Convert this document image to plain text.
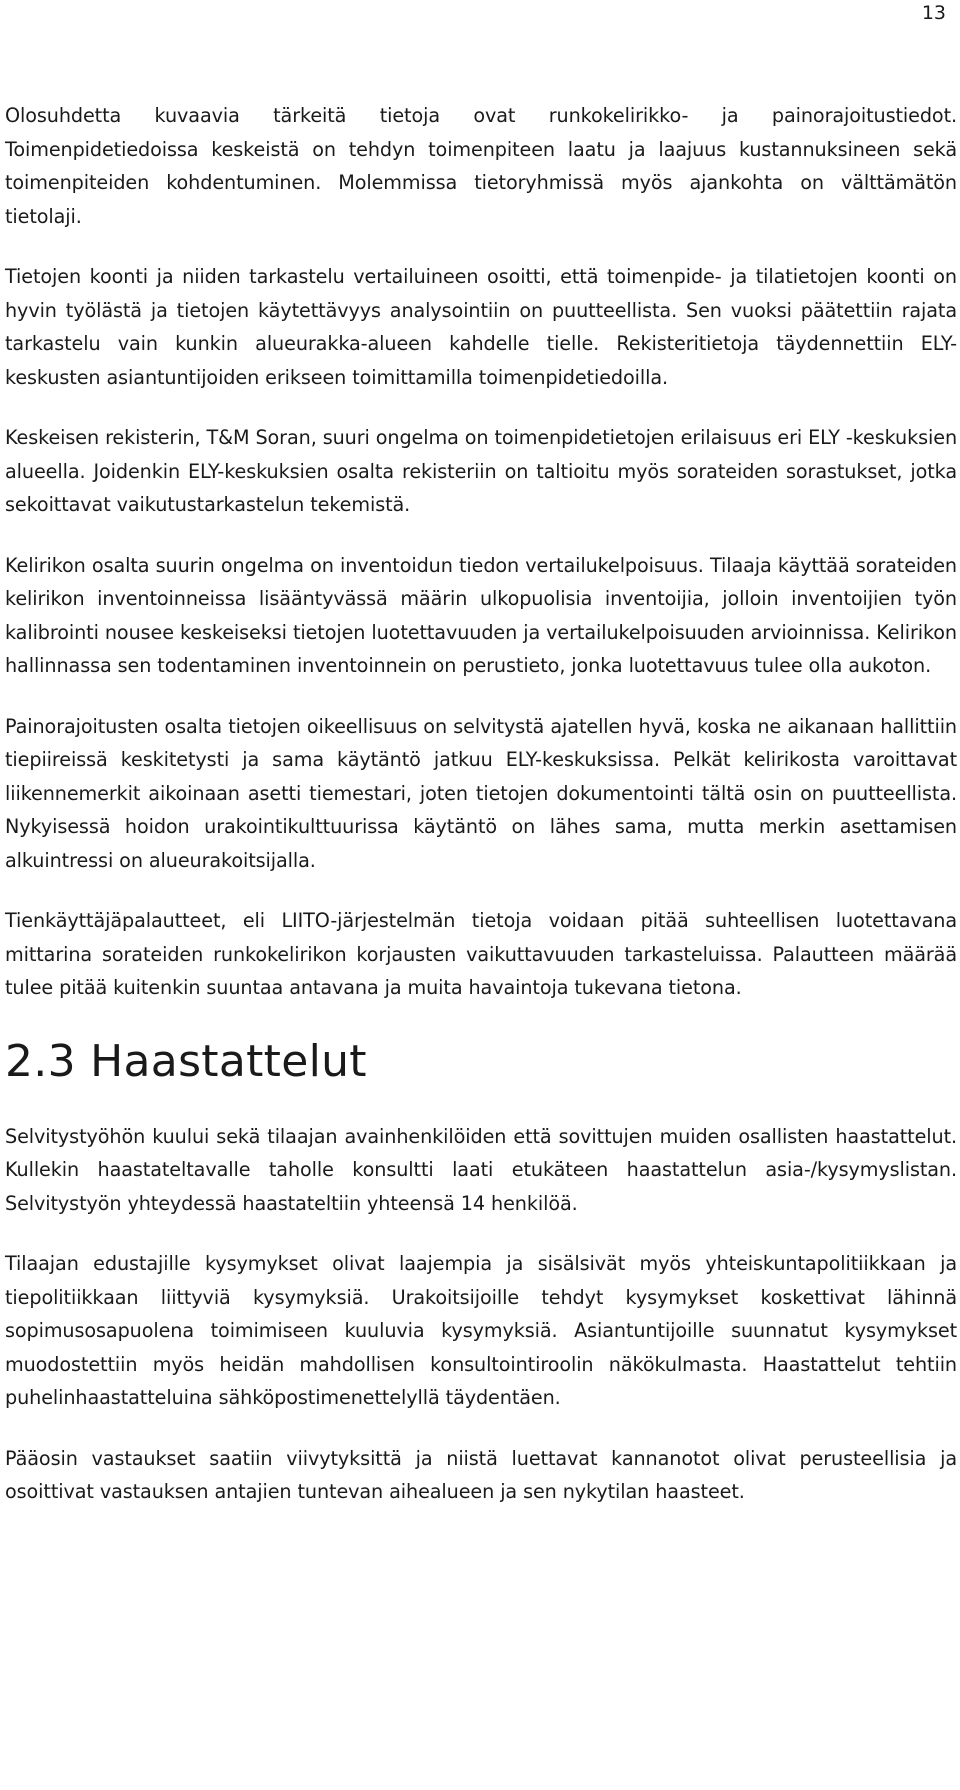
13

Olosuhdetta kuvaavia tärkeitä tietoja ovat runkokelirikko- ja painorajoitustiedot. Toimenpidetiedoissa keskeistä on tehdyn toimenpiteen laatu ja laajuus kustannuksineen sekä toimenpiteiden kohdentuminen. Molemmissa tietoryhmissä myös ajankohta on välttämätön tietolaji.

Tietojen koonti ja niiden tarkastelu vertailuineen osoitti, että toimenpide- ja tilatietojen koonti on hyvin työlästä ja tietojen käytettävyys analysointiin on puutteellista. Sen vuoksi päätettiin rajata tarkastelu vain kunkin alueurakka-alueen kahdelle tielle. Rekisteritietoja täydennettiin ELY-keskusten asiantuntijoiden erikseen toimittamilla toimenpidetiedoilla.

Keskeisen rekisterin, T&M Soran, suuri ongelma on toimenpidetietojen erilaisuus eri ELY -keskuksien alueella. Joidenkin ELY-keskuksien osalta rekisteriin on taltioitu myös sorateiden sorastukset, jotka sekoittavat vaikutustarkastelun tekemistä.

Kelirikon osalta suurin ongelma on inventoidun tiedon vertailukelpoisuus. Tilaaja käyttää sorateiden kelirikon inventoinneissa lisääntyvässä määrin ulkopuolisia inventoijia, jolloin inventoijien työn kalibrointi nousee keskeiseksi tietojen luotettavuuden ja vertailukelpoisuuden arvioinnissa. Kelirikon hallinnassa sen todentaminen inventoinnein on perustieto, jonka luotettavuus tulee olla aukoton.

Painorajoitusten osalta tietojen oikeellisuus on selvitystä ajatellen hyvä, koska ne aikanaan hallittiin tiepiireissä keskitetysti ja sama käytäntö jatkuu ELY-keskuksissa. Pelkät kelirikosta varoittavat liikennemerkit aikoinaan asetti tiemestari, joten tietojen dokumentointi tältä osin on puutteellista. Nykyisessä hoidon urakointikulttuurissa käytäntö on lähes sama, mutta merkin asettamisen alkuintressi on alueurakoitsijalla.

Tienkäyttäjäpalautteet, eli LIITO-järjestelmän tietoja voidaan pitää suhteellisen luotettavana mittarina sorateiden runkokelirikon korjausten vaikuttavuuden tarkasteluissa. Palautteen määrää tulee pitää kuitenkin suuntaa antavana ja muita havaintoja tukevana tietona.

2.3 Haastattelut

Selvitystyöhön kuului sekä tilaajan avainhenkilöiden että sovittujen muiden osallisten haastattelut. Kullekin haastateltavalle taholle konsultti laati etukäteen haastattelun asia-/kysymyslistan. Selvitystyön yhteydessä haastateltiin yhteensä 14 henkilöä.

Tilaajan edustajille kysymykset olivat laajempia ja sisälsivät myös yhteiskuntapolitiikkaan ja tiepolitiikkaan liittyviä kysymyksiä. Urakoitsijoille tehdyt kysymykset koskettivat lähinnä sopimusosapuolena toimimiseen kuuluvia kysymyksiä. Asiantuntijoille suunnatut kysymykset muodostettiin myös heidän mahdollisen konsultointiroolin näkökulmasta. Haastattelut tehtiin puhelinhaastatteluina sähköpostimenettelyllä täydentäen.

Pääosin vastaukset saatiin viivytyksittä ja niistä luettavat kannanotot olivat perusteellisia ja osoittivat vastauksen antajien tuntevan aihealueen ja sen nykytilan haasteet.
